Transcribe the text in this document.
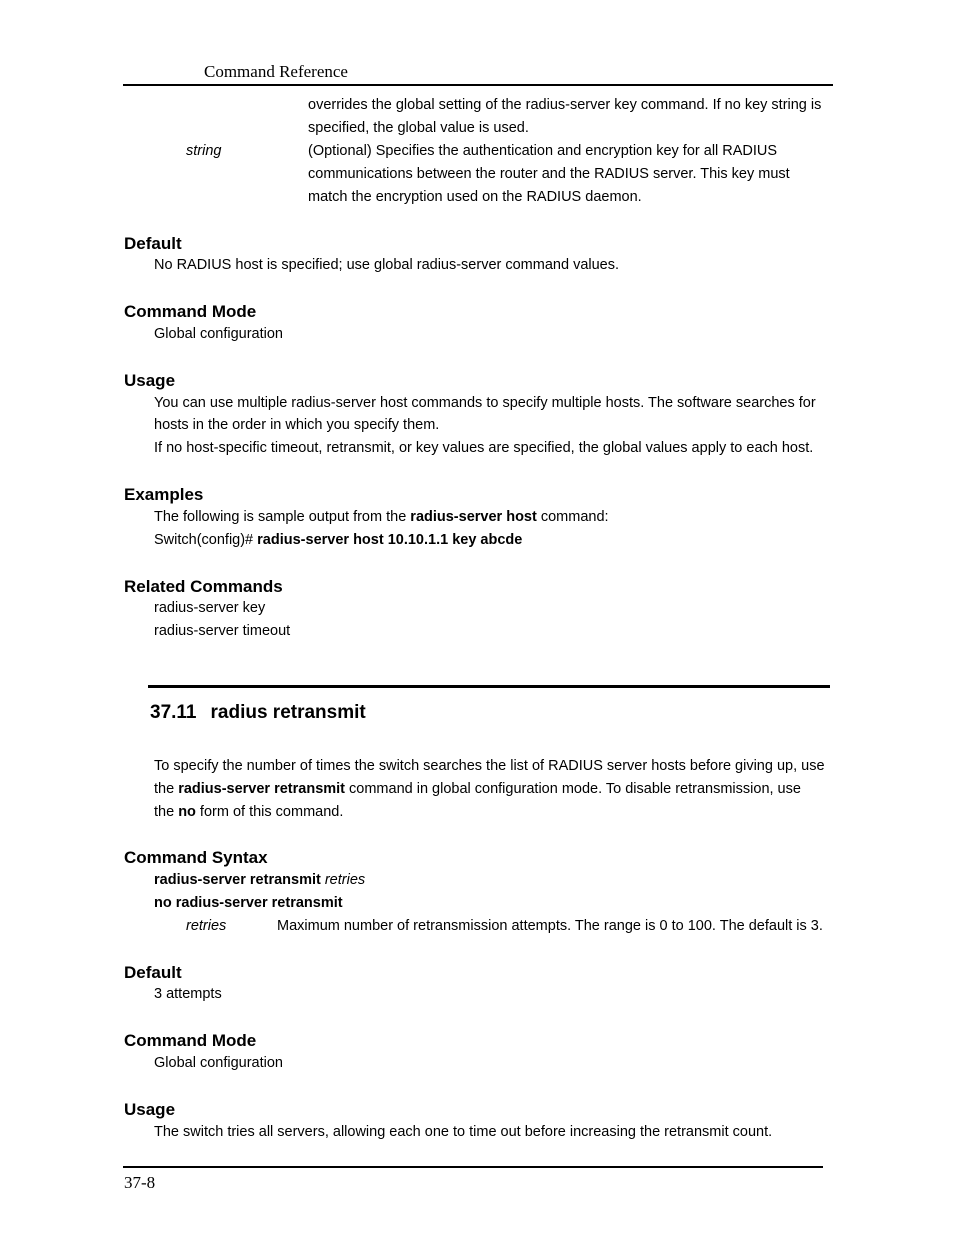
Command Reference
overrides the global setting of the radius-server key command. If no key string is
specified, the global value is used.
string	(Optional) Specifies the authentication and encryption key for all RADIUS
communications between the router and the RADIUS server. This key must
match the encryption used on the RADIUS daemon.
Default
No RADIUS host is specified; use global radius-server command values.
Command Mode
Global configuration
Usage
You can use multiple radius-server host commands to specify multiple hosts. The software searches for
hosts in the order in which you specify them.
If no host-specific timeout, retransmit, or key values are specified, the global values apply to each host.
Examples
The following is sample output from the radius-server host command:
Switch(config)# radius-server host 10.10.1.1 key abcde
Related Commands
radius-server key
radius-server timeout
37.11 radius retransmit
To specify the number of times the switch searches the list of RADIUS server hosts before giving up, use
the radius-server retransmit command in global configuration mode. To disable retransmission, use
the no form of this command.
Command Syntax
radius-server retransmit retries
no radius-server retransmit
retries	Maximum number of retransmission attempts. The range is 0 to 100. The default is 3.
Default
3 attempts
Command Mode
Global configuration
Usage
The switch tries all servers, allowing each one to time out before increasing the retransmit count.
37-8
